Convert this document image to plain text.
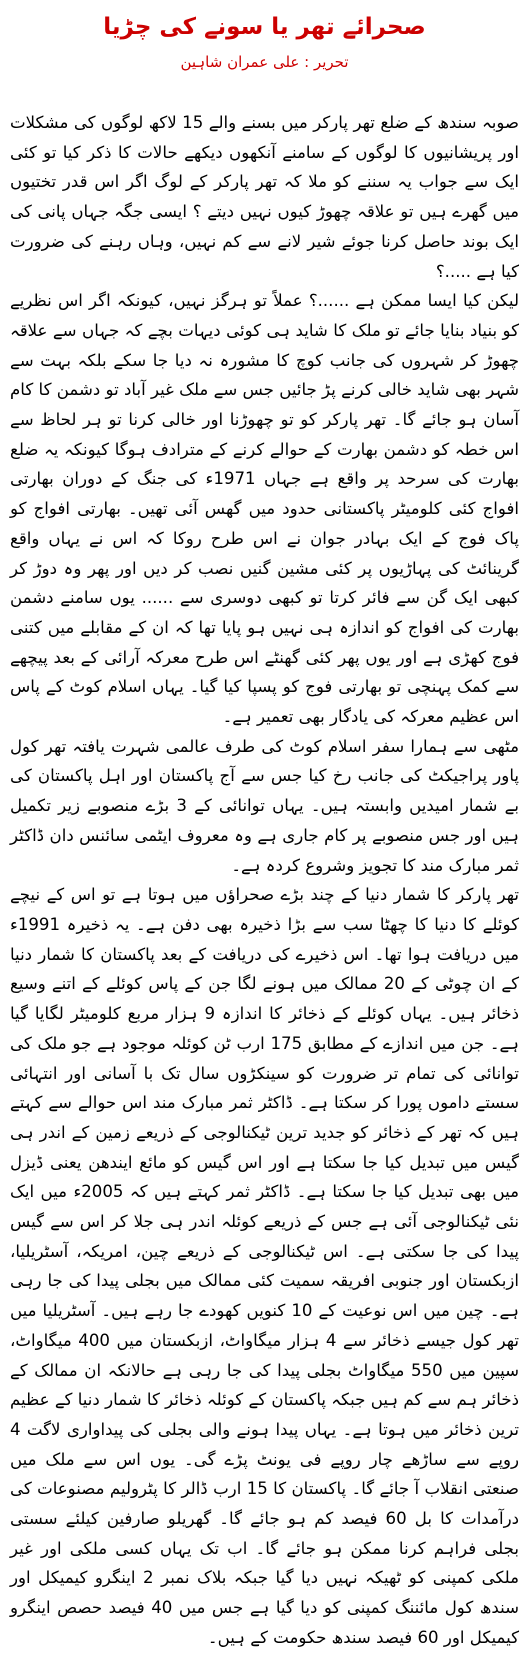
صحرائے تھر یا سونے کی چڑیا
تحریر : علی عمران شاہین

صوبہ سندھ کے ضلع تھر پارکر میں بسنے والے 15 لاکھ لوگوں کی مشکلات اور پریشانیوں کا لوگوں کے سامنے آنکھوں دیکھے حالات کا ذکر کیا تو کئی ایک سے جواب یہ سننے کو ملا کہ تھر پارکر کے لوگ اگر اس قدر تختیوں میں گھرے ہیں تو علاقہ چھوڑ کیوں نہیں دیتے ؟ ایسی جگہ جہاں پانی کی ایک بوند حاصل کرنا جوئے شیر لانے سے کم نہیں، وہاں رہنے کی ضرورت کیا ہے .....؟

لیکن کیا ایسا ممکن ہے ......؟ عملاً تو ہرگز نہیں، کیونکہ اگر اس نظریے کو بنیاد بنایا جائے تو ملک کا شاید ہی کوئی دیہات بچے کہ جہاں سے علاقہ چھوڑ کر شہروں کی جانب کوچ کا مشورہ نہ دیا جا سکے بلکہ بہت سے شہر بھی شاید خالی کرنے پڑ جائیں جس سے ملک غیر آباد تو دشمن کا کام آسان ہو جائے گا۔ تھر پارکر کو تو چھوڑنا اور خالی کرنا تو ہر لحاظ سے اس خطہ کو دشمن بھارت کے حوالے کرنے کے مترادف ہوگا کیونکہ یہ ضلع بھارت کی سرحد پر واقع ہے جہاں 1971ء کی جنگ کے دوران بھارتی افواج کئی کلومیٹر پاکستانی حدود میں گھس آئی تھیں۔ بھارتی افواج کو پاک فوج کے ایک بہادر جوان نے اس طرح روکا کہ اس نے یہاں واقع گرینائٹ کی پہاڑیوں پر کئی مشین گنیں نصب کر دیں اور پھر وہ دوڑ کر کبھی ایک گن سے فائر کرتا تو کبھی دوسری سے ...... یوں سامنے دشمن بھارت کی افواج کو اندازہ ہی نہیں ہو پایا تھا کہ ان کے مقابلے میں کتنی فوج کھڑی ہے اور یوں پھر کئی گھنٹے اس طرح معرکہ آرائی کے بعد پیچھے سے کمک پہنچی تو بھارتی فوج کو پسپا کیا گیا۔ یہاں اسلام کوٹ کے پاس اس عظیم معرکہ کی یادگار بھی تعمیر ہے۔

مٹھی سے ہمارا سفر اسلام کوٹ کی طرف عالمی شہرت یافتہ تھر کول پاور پراجیکٹ کی جانب رخ کیا جس سے آج پاکستان اور اہل پاکستان کی بے شمار امیدیں وابستہ ہیں۔ یہاں توانائی کے 3 بڑے منصوبے زیر تکمیل ہیں اور جس منصوبے پر کام جاری ہے وہ معروف ایٹمی سائنس دان ڈاکٹر ثمر مبارک مند کا تجویز وشروع کردہ ہے۔

تھر پارکر کا شمار دنیا کے چند بڑے صحراؤں میں ہوتا ہے تو اس کے نیچے کوئلے کا دنیا کا چھٹا سب سے بڑا ذخیرہ بھی دفن ہے۔ یہ ذخیرہ 1991ء میں دریافت ہوا تھا۔ اس ذخیرے کی دریافت کے بعد پاکستان کا شمار دنیا کے ان چوٹی کے 20 ممالک میں ہونے لگا جن کے پاس کوئلے کے اتنے وسیع ذخائر ہیں۔ یہاں کوئلے کے ذخائر کا اندازہ 9 ہزار مربع کلومیٹر لگایا گیا ہے۔ جن میں اندازے کے مطابق 175 ارب ٹن کوئلہ موجود ہے جو ملک کی توانائی کی تمام تر ضرورت کو سینکڑوں سال تک با آسانی اور انتہائی سستے داموں پورا کر سکتا ہے۔ ڈاکٹر ثمر مبارک مند اس حوالے سے کہتے ہیں کہ تھر کے ذخائر کو جدید ترین ٹیکنالوجی کے ذریعے زمین کے اندر ہی گیس میں تبدیل کیا جا سکتا ہے اور اس گیس کو مائع ایندھن یعنی ڈیزل میں بھی تبدیل کیا جا سکتا ہے۔ ڈاکٹر ثمر کہتے ہیں کہ 2005ء میں ایک نئی ٹیکنالوجی آئی ہے جس کے ذریعے کوئلہ اندر ہی جلا کر اس سے گیس پیدا کی جا سکتی ہے۔ اس ٹیکنالوجی کے ذریعے چین، امریکہ، آسٹریلیا، ازبکستان اور جنوبی افریقہ سمیت کئی ممالک میں بجلی پیدا کی جا رہی ہے۔ چین میں اس نوعیت کے 10 کنویں کھودے جا رہے ہیں۔ آسٹریلیا میں تھر کول جیسے ذخائر سے 4 ہزار میگاواٹ، ازبکستان میں 400 میگاواٹ، سپین میں 550 میگاواٹ بجلی پیدا کی جا رہی ہے حالانکہ ان ممالک کے ذخائر ہم سے کم ہیں جبکہ پاکستان کے کوئلہ ذخائر کا شمار دنیا کے عظیم ترین ذخائر میں ہوتا ہے۔ یہاں پیدا ہونے والی بجلی کی پیداواری لاگت 4 روپے سے ساڑھے چار روپے فی یونٹ پڑے گی۔ یوں اس سے ملک میں صنعتی انقلاب آ جائے گا۔ پاکستان کا 15 ارب ڈالر کا پٹرولیم مصنوعات کی درآمدات کا بل 60 فیصد کم ہو جائے گا۔ گھریلو صارفین کیلئے سستی بجلی فراہم کرنا ممکن ہو جائے گا۔ اب تک یہاں کسی ملکی اور غیر ملکی کمپنی کو ٹھیکہ نہیں دیا گیا جبکہ بلاک نمبر 2 اینگرو کیمیکل اور سندھ کول مائننگ کمپنی کو دیا گیا ہے جس میں 40 فیصد حصص اینگرو کیمیکل اور 60 فیصد سندھ حکومت کے ہیں۔
